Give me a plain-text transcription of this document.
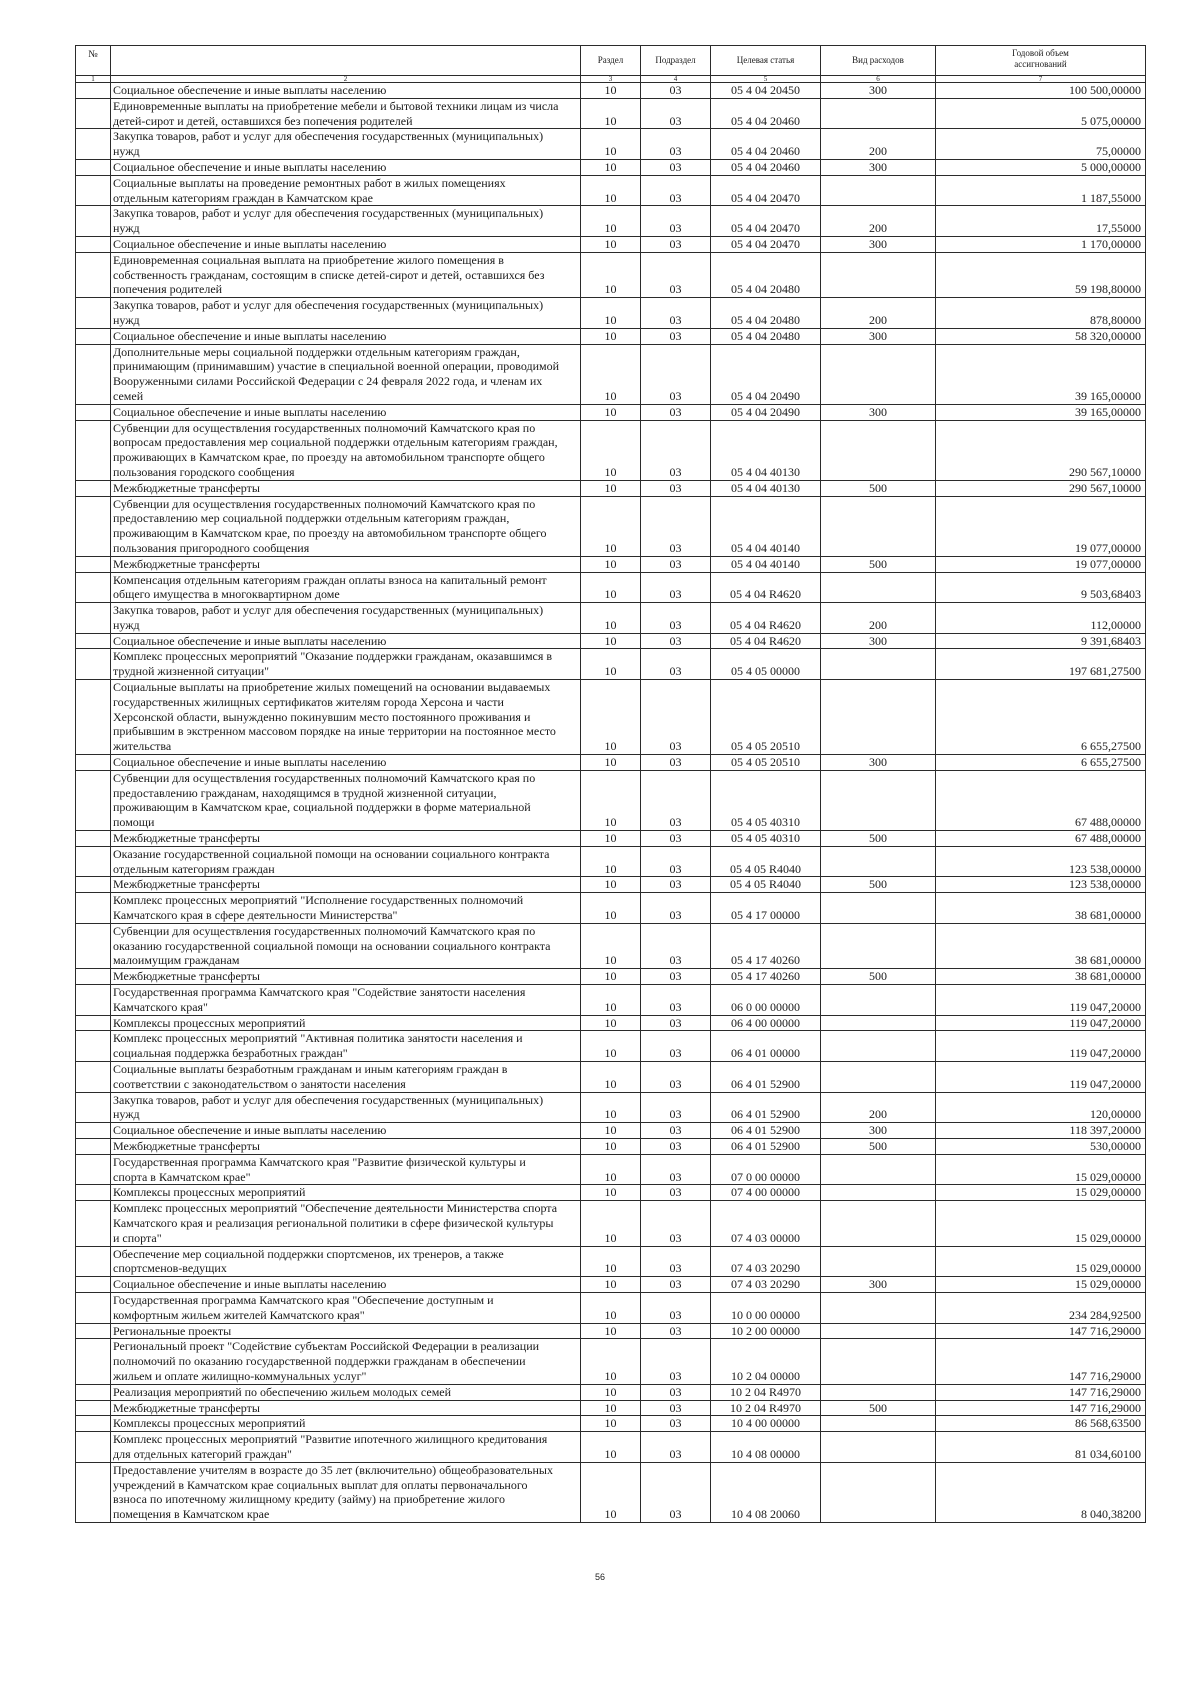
№		Раздел	Подраздел	Целевая статья	Вид расходов	Годовой объем ассигнований
1	2	3	4	5	6	7

	Социальное обеспечение и иные выплаты населению	10	03	05 4 04 20450	300	100 500,00000

	Единовременные выплаты на приобретение мебели и бытовой техники лицам из числа
детей-сирот и детей, оставшихся без попечения родителей	10	03	05 4 04 20460		5 075,00000

	Закупка товаров, работ и услуг для обеспечения государственных (муниципальных)
нужд	10	03	05 4 04 20460	200	75,00000

	Социальное обеспечение и иные выплаты населению	10	03	05 4 04 20460	300	5 000,00000

	Социальные выплаты на проведение ремонтных работ в жилых помещениях
отдельным категориям граждан в Камчатском крае	10	03	05 4 04 20470		1 187,55000

	Закупка товаров, работ и услуг для обеспечения государственных (муниципальных)
нужд	10	03	05 4 04 20470	200	17,55000

	Социальное обеспечение и иные выплаты населению	10	03	05 4 04 20470	300	1 170,00000

	Единовременная социальная выплата на приобретение жилого помещения в
собственность гражданам, состоящим в списке детей-сирот и детей, оставшихся без
попечения родителей	10	03	05 4 04 20480		59 198,80000

	Закупка товаров, работ и услуг для обеспечения государственных (муниципальных)
нужд	10	03	05 4 04 20480	200	878,80000

	Социальное обеспечение и иные выплаты населению	10	03	05 4 04 20480	300	58 320,00000

	Дополнительные меры социальной поддержки отдельным категориям граждан,
принимающим (принимавшим) участие в специальной военной операции, проводимой
Вооруженными силами Российской Федерации с 24 февраля 2022 года, и членам их
семей	10	03	05 4 04 20490		39 165,00000

	Социальное обеспечение и иные выплаты населению	10	03	05 4 04 20490	300	39 165,00000

	Субвенции для осуществления государственных полномочий Камчатского края по
вопросам предоставления мер социальной поддержки отдельным категориям граждан,
проживающих в Камчатском крае, по проезду на автомобильном транспорте общего
пользования городского сообщения	10	03	05 4 04 40130		290 567,10000

	Межбюджетные трансферты	10	03	05 4 04 40130	500	290 567,10000

	Субвенции для осуществления государственных полномочий Камчатского края по
предоставлению мер социальной поддержки отдельным категориям граждан,
проживающим в Камчатском крае, по проезду на автомобильном транспорте общего
пользования пригородного сообщения	10	03	05 4 04 40140		19 077,00000

	Межбюджетные трансферты	10	03	05 4 04 40140	500	19 077,00000

	Компенсация отдельным категориям граждан оплаты взноса на капитальный ремонт
общего имущества в многоквартирном доме	10	03	05 4 04 R4620		9 503,68403

	Закупка товаров, работ и услуг для обеспечения государственных (муниципальных)
нужд	10	03	05 4 04 R4620	200	112,00000

	Социальное обеспечение и иные выплаты населению	10	03	05 4 04 R4620	300	9 391,68403

	Комплекс процессных мероприятий "Оказание поддержки гражданам, оказавшимся в
трудной жизненной ситуации"	10	03	05 4 05 00000		197 681,27500

	Социальные выплаты на приобретение жилых помещений на основании выдаваемых
государственных жилищных сертификатов жителям города Херсона и части
Херсонской области, вынужденно покинувшим место постоянного проживания и
прибывшим в экстренном массовом порядке на иные территории на постоянное место
жительства	10	03	05 4 05 20510		6 655,27500

	Социальное обеспечение и иные выплаты населению	10	03	05 4 05 20510	300	6 655,27500

	Субвенции для осуществления государственных полномочий Камчатского края по
предоставлению гражданам, находящимся в трудной жизненной ситуации,
проживающим в Камчатском крае, социальной поддержки в форме материальной
помощи	10	03	05 4 05 40310		67 488,00000

	Межбюджетные трансферты	10	03	05 4 05 40310	500	67 488,00000

	Оказание государственной социальной помощи на основании социального контракта
отдельным категориям граждан	10	03	05 4 05 R4040		123 538,00000

	Межбюджетные трансферты	10	03	05 4 05 R4040	500	123 538,00000

	Комплекс процессных мероприятий "Исполнение государственных полномочий
Камчатского края в сфере деятельности Министерства"	10	03	05 4 17 00000		38 681,00000

	Субвенции для осуществления государственных полномочий Камчатского края по
оказанию государственной социальной помощи на основании социального контракта
малоимущим гражданам	10	03	05 4 17 40260		38 681,00000

	Межбюджетные трансферты	10	03	05 4 17 40260	500	38 681,00000

	Государственная программа Камчатского края "Содействие занятости населения
Камчатского края"	10	03	06 0 00 00000		119 047,20000

	Комплексы процессных мероприятий	10	03	06 4 00 00000		119 047,20000

	Комплекс процессных мероприятий "Активная политика занятости населения и
социальная поддержка безработных граждан"	10	03	06 4 01 00000		119 047,20000

	Социальные выплаты безработным гражданам и иным категориям граждан в
соответствии с законодательством о занятости населения	10	03	06 4 01 52900		119 047,20000

	Закупка товаров, работ и услуг для обеспечения государственных (муниципальных)
нужд	10	03	06 4 01 52900	200	120,00000

	Социальное обеспечение и иные выплаты населению	10	03	06 4 01 52900	300	118 397,20000

	Межбюджетные трансферты	10	03	06 4 01 52900	500	530,00000

	Государственная программа Камчатского края "Развитие физической культуры и
спорта в Камчатском крае"	10	03	07 0 00 00000		15 029,00000

	Комплексы процессных мероприятий	10	03	07 4 00 00000		15 029,00000

	Комплекс процессных мероприятий "Обеспечение деятельности Министерства спорта
Камчатского края и реализация региональной политики в сфере физической культуры
и спорта"	10	03	07 4 03 00000		15 029,00000

	Обеспечение мер социальной поддержки спортсменов, их тренеров, а также
спортсменов-ведущих	10	03	07 4 03 20290		15 029,00000

	Социальное обеспечение и иные выплаты населению	10	03	07 4 03 20290	300	15 029,00000

	Государственная программа Камчатского края "Обеспечение доступным и
комфортным жильем жителей Камчатского края"	10	03	10 0 00 00000		234 284,92500

	Региональные проекты	10	03	10 2 00 00000		147 716,29000

	Региональный проект "Содействие субъектам Российской Федерации в реализации
полномочий по оказанию государственной поддержки гражданам в обеспечении
жильем и оплате жилищно-коммунальных услуг"	10	03	10 2 04 00000		147 716,29000

	Реализация мероприятий по обеспечению жильем молодых семей	10	03	10 2 04 R4970		147 716,29000

	Межбюджетные трансферты	10	03	10 2 04 R4970	500	147 716,29000

	Комплексы процессных мероприятий	10	03	10 4 00 00000		86 568,63500

	Комплекс процессных мероприятий "Развитие ипотечного жилищного кредитования
для отдельных категорий граждан"	10	03	10 4 08 00000		81 034,60100

	Предоставление учителям в возрасте до 35 лет (включительно) общеобразовательных
учреждений в Камчатском крае социальных выплат для оплаты первоначального
взноса по ипотечному жилищному кредиту (займу) на приобретение жилого
помещения в Камчатском крае	10	03	10 4 08 20060		8 040,38200
56
